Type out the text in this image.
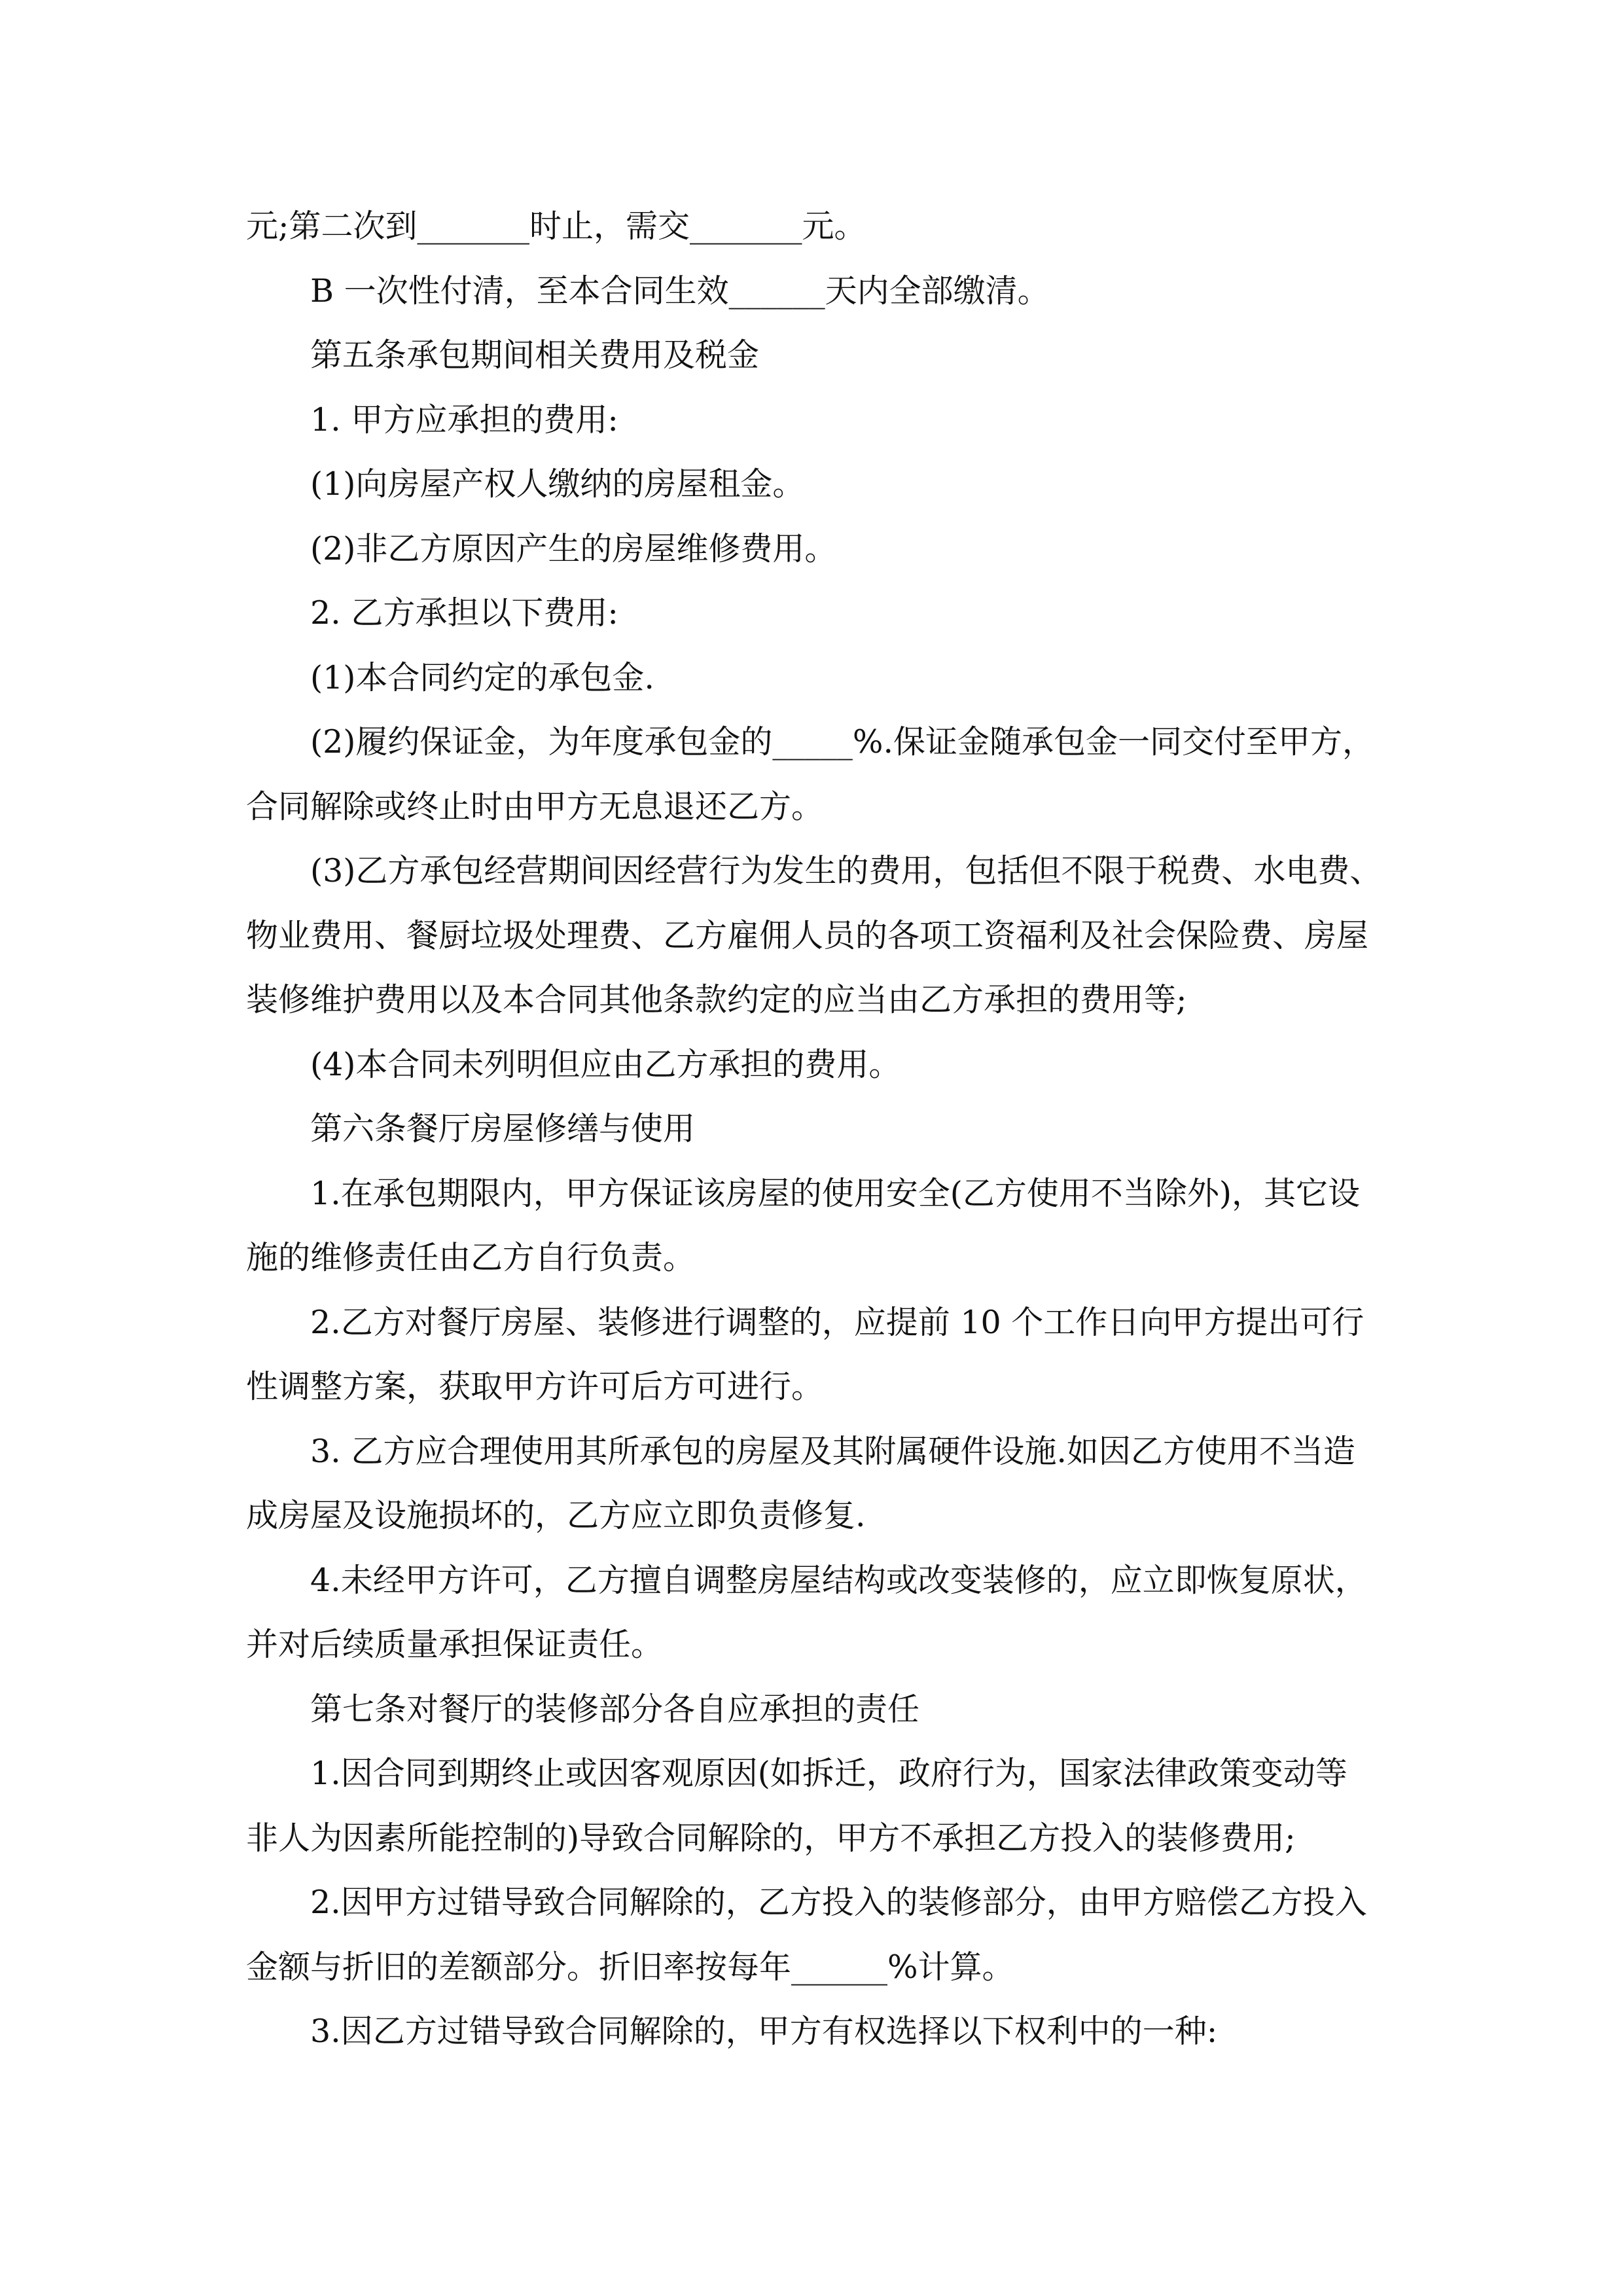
元;第二次到_______时止，需交_______元。
B 一次性付清，至本合同生效______天内全部缴清。
第五条承包期间相关费用及税金
1. 甲方应承担的费用:
(1)向房屋产权人缴纳的房屋租金。
(2)非乙方原因产生的房屋维修费用。
2. 乙方承担以下费用:
(1)本合同约定的承包金.
(2)履约保证金，为年度承包金的_____%.保证金随承包金一同交付至甲方，
合同解除或终止时由甲方无息退还乙方。
(3)乙方承包经营期间因经营行为发生的费用，包括但不限于税费、水电费、
物业费用、餐厨垃圾处理费、乙方雇佣人员的各项工资福利及社会保险费、房屋
装修维护费用以及本合同其他条款约定的应当由乙方承担的费用等;
(4)本合同未列明但应由乙方承担的费用。
第六条餐厅房屋修缮与使用
1.在承包期限内，甲方保证该房屋的使用安全(乙方使用不当除外)，其它设
施的维修责任由乙方自行负责。
2.乙方对餐厅房屋、装修进行调整的，应提前 10 个工作日向甲方提出可行
性调整方案，获取甲方许可后方可进行。
3. 乙方应合理使用其所承包的房屋及其附属硬件设施.如因乙方使用不当造
成房屋及设施损坏的，乙方应立即负责修复.
4.未经甲方许可，乙方擅自调整房屋结构或改变装修的，应立即恢复原状，
并对后续质量承担保证责任。
第七条对餐厅的装修部分各自应承担的责任
1.因合同到期终止或因客观原因(如拆迁，政府行为，国家法律政策变动等
非人为因素所能控制的)导致合同解除的，甲方不承担乙方投入的装修费用;
2.因甲方过错导致合同解除的，乙方投入的装修部分，由甲方赔偿乙方投入
金额与折旧的差额部分。折旧率按每年______%计算。
3.因乙方过错导致合同解除的，甲方有权选择以下权利中的一种:
